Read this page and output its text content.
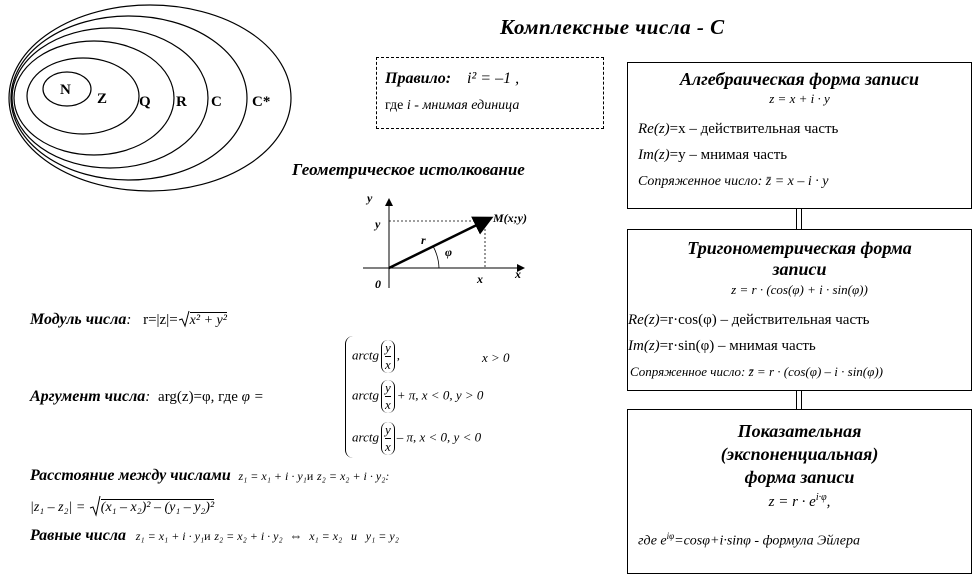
Комплексные числа - С
N
Z Q R C C*
Правило: i² = –1 ,
где i - мнимая единица
Геометрическое истолкование
y
x
y
x
0
r
φ
M(x;y)
Модуль числа: r=|z|= x² + y²
Аргумент числа: arg(z)=φ, где φ =
arctg $\frac{y}{x}$ ,	x > 0
arctg $\frac{y}{x} + \pi$, x < 0, y > 0
arctg $\frac{y}{x}$ – π, x < 0, y < 0
Расстояние между числами z₁ = x₁ + i · y₁и z₂ = x₂ + i · y₂:
|z₁ – z₂| = (x₁ – x₂)² – (y₁ – y₂)²
Равные числа z₁ = x₁ + i · y₁и z₂ = x₂ + i · y₂ ⇔ x₁ = x₂ и y₁ = y₂
Алгебраическая форма записи
z = x + i · y
Re(z)=x – действительная часть
Im(z)=y – мнимая часть
Сопряженное число: z̄ = x – i · y
Тригонометрическая форма
записи
z = r · (cos(φ) + i · sin(φ))
Re(z)=r·cos(φ) – действительная часть
Im(z)=r·sin(φ) – мнимая часть
Сопряженное число: z̄ = r · (cos(φ) – i · sin(φ))
Показательная
(экспоненциальная)
форма записи
$z = r \cdot e^{i\cdot\varphi}$,
где $e^{i\varphi}=\cos\varphi+i\cdot\sin\varphi$ - формула Эйлера
